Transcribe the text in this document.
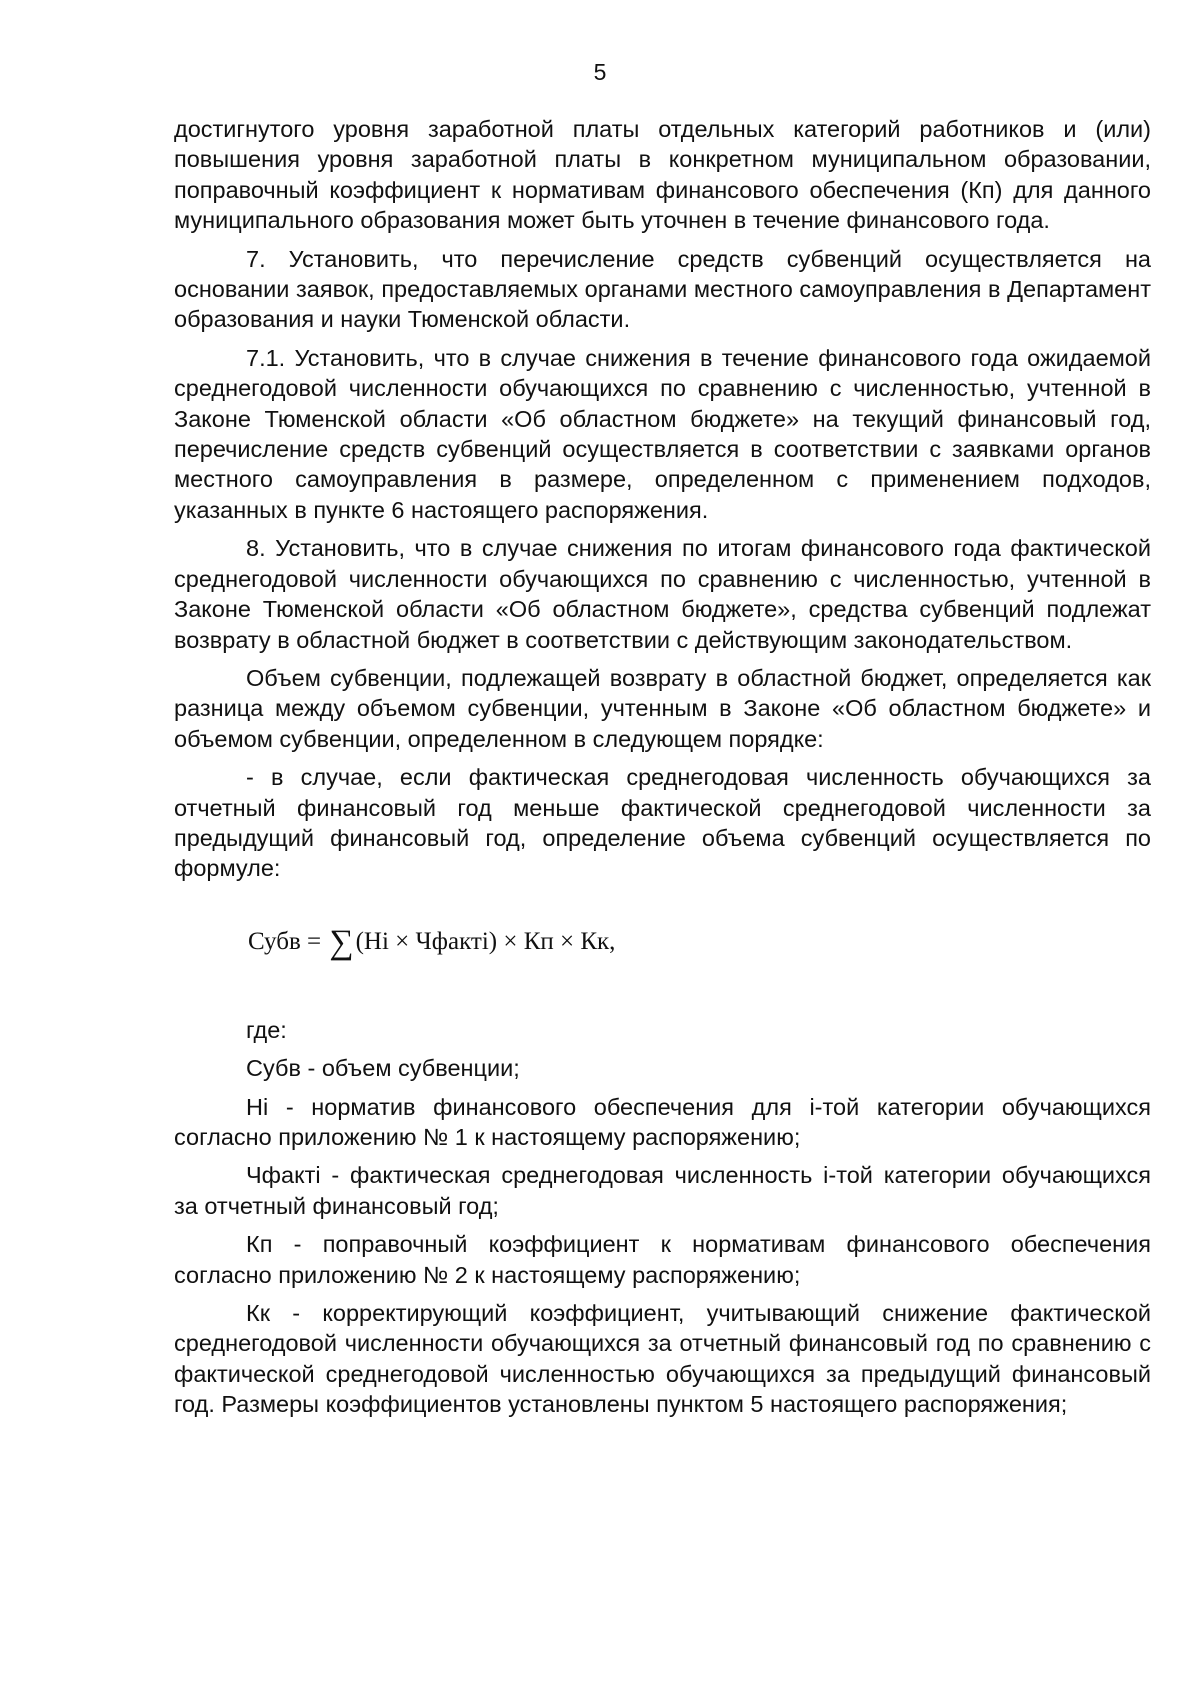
5

достигнутого уровня заработной платы отдельных категорий работников и (или) повышения уровня заработной платы в конкретном муниципальном образовании, поправочный коэффициент к нормативам финансового обеспечения (Кп) для данного муниципального образования может быть уточнен в течение финансового года.

7. Установить, что перечисление средств субвенций осуществляется на основании заявок, предоставляемых органами местного самоуправления в Департамент образования и науки Тюменской области.

7.1. Установить, что в случае снижения в течение финансового года ожидаемой среднегодовой численности обучающихся по сравнению с численностью, учтенной в Законе Тюменской области «Об областном бюджете» на текущий финансовый год, перечисление средств субвенций осуществляется в соответствии с заявками органов местного самоуправления в размере, определенном с применением подходов, указанных в пункте 6 настоящего распоряжения.

8. Установить, что в случае снижения по итогам финансового года фактической среднегодовой численности обучающихся по сравнению с численностью, учтенной в Законе Тюменской области «Об областном бюджете», средства субвенций подлежат возврату в областной бюджет в соответствии с действующим законодательством.

Объем субвенции, подлежащей возврату в областной бюджет, определяется как разница между объемом субвенции, учтенным в Законе «Об областном бюджете» и объемом субвенции, определенном в следующем порядке:

- в случае, если фактическая среднегодовая численность обучающихся за отчетный финансовый год меньше фактической среднегодовой численности за предыдущий финансовый год, определение объема субвенций осуществляется по формуле:

Субв = ∑(Hi × Чфакті) × Кп × Кк,

где:

Субв - объем субвенции;

Hi - норматив финансового обеспечения для i-той категории обучающихся согласно приложению № 1 к настоящему распоряжению;

Чфакті - фактическая среднегодовая численность і-той категории обучающихся за отчетный финансовый год;

Кп - поправочный коэффициент к нормативам финансового обеспечения согласно приложению № 2 к настоящему распоряжению;

Кк - корректирующий коэффициент, учитывающий снижение фактической среднегодовой численности обучающихся за отчетный финансовый год по сравнению с фактической среднегодовой численностью обучающихся за предыдущий финансовый год. Размеры коэффициентов установлены пунктом 5 настоящего распоряжения;
